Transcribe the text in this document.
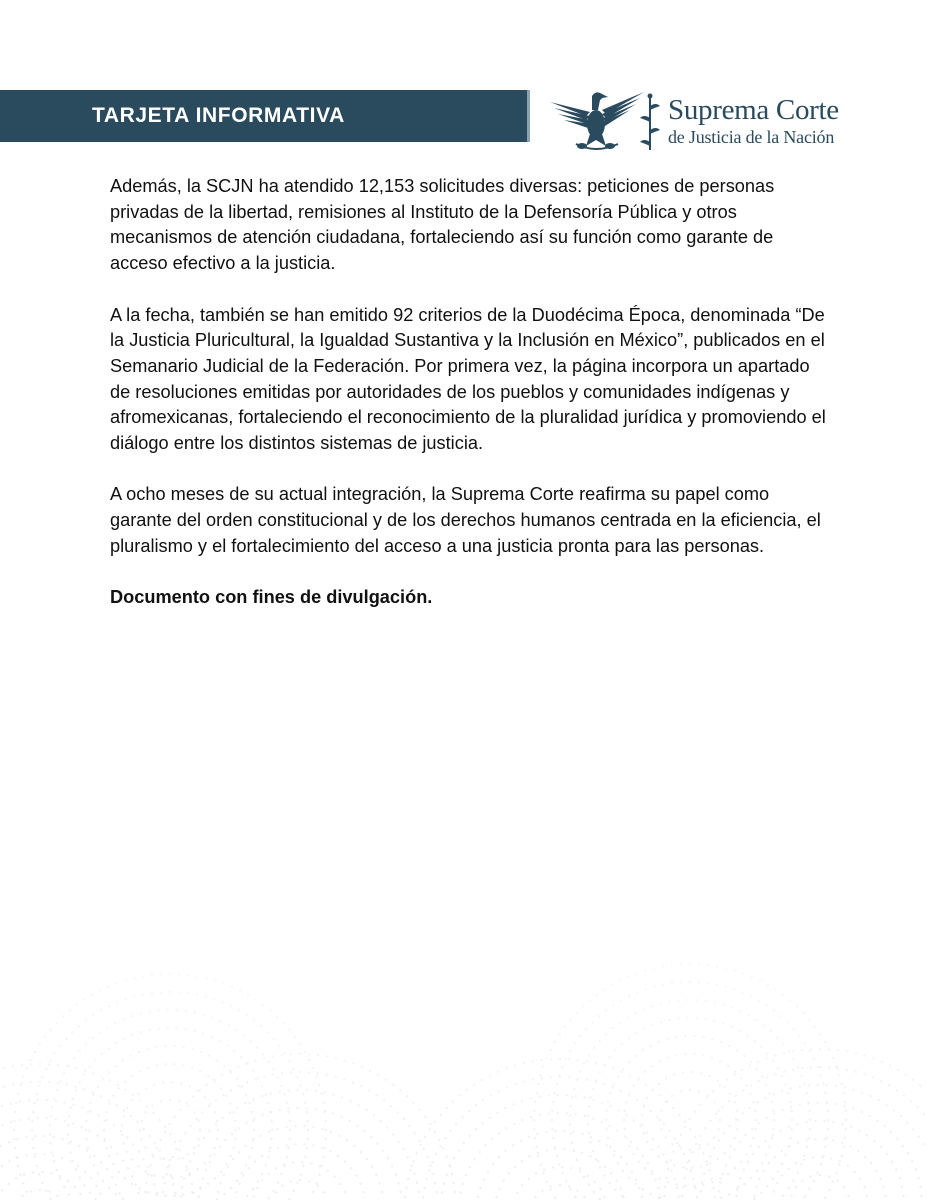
TARJETA INFORMATIVA	Suprema Corte
de Justicia de la Nación

Además, la SCJN ha atendido 12,153 solicitudes diversas: peticiones de personas privadas de la libertad, remisiones al Instituto de la Defensoría Pública y otros mecanismos de atención ciudadana, fortaleciendo así su función como garante de acceso efectivo a la justicia.

A la fecha, también se han emitido 92 criterios de la Duodécima Época, denominada “De la Justicia Pluricultural, la Igualdad Sustantiva y la Inclusión en México”, publicados en el Semanario Judicial de la Federación. Por primera vez, la página incorpora un apartado de resoluciones emitidas por autoridades de los pueblos y comunidades indígenas y afromexicanas, fortaleciendo el reconocimiento de la pluralidad jurídica y promoviendo el diálogo entre los distintos sistemas de justicia.

A ocho meses de su actual integración, la Suprema Corte reafirma su papel como garante del orden constitucional y de los derechos humanos centrada en la eficiencia, el pluralismo y el fortalecimiento del acceso a una justicia pronta para las personas.

Documento con fines de divulgación.
